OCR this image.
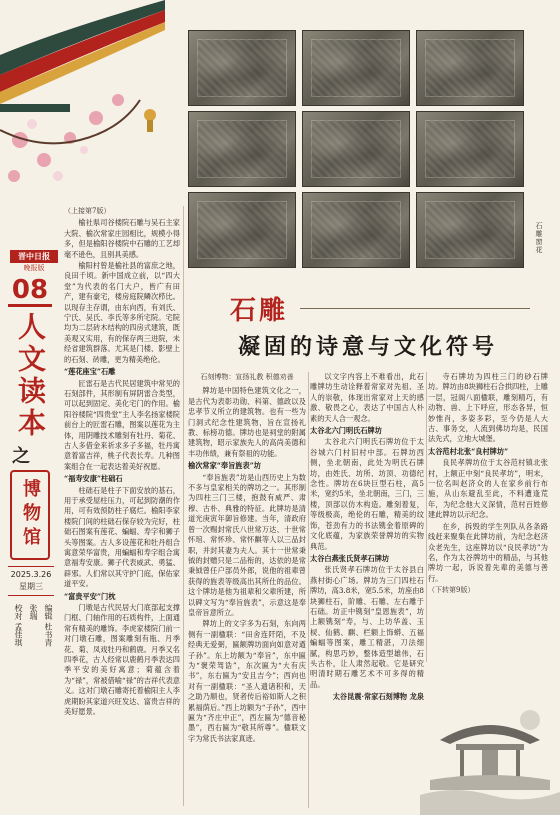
石雕窗花
晋中日报
晚报版
08
人文读本
之
博物馆
2025.3.26
星期三
编辑 杜书青
张瑞
校对 孟佳琪
石雕
凝固的诗意与文化符号

（上接第7版）

榆社県司谷楼院石雕与吴石主家大院、榆次常家庄园相比，规模小得多，但是榆阳谷楼院中石雕的工艺却毫不逊色，且别具美感。

榆阳村曾是榆社县的富庶之地，良田千顷。新中国成立前，以“四大堂”为代表的名门大户，皆广有田产，建有豪宅，楼房庭院鳞次栉比。以现存主存谓，由东向西，有刘氏、宁氏、吴氏、李氏等多所宅院。宅院均为二层砖木结构的四房式建筑，既美观又实用，有的保存两三进院，未经省建筑群落。尤其是门楼、影壁上的石刻、砖雕，更为精美绝伦。

“莲花座宝”石雕

匠雷石是古代民居建筑中常见的石刻部件，其形制有屏阴雷合类型，可以起到固定、美化宅门的作用。榆阳谷楼院“四贵堂”主人李名扬家楼院前台上的匠雷石雕，图案以莲花为主体，用阴雕技术雕刻有牡丹、菊花、古人多借金来祈求多子多福，牡丹寓意着富吉祥，桃子代表长寿。几种图案组合在一起表达着美好祝愿。

“福寿安康”柱础石

柱础石是柱子下面安放的基石，用于承受屋柱压力，可起到防潮的作用，可有效预防柱子腐烂。榆阳李家楼院门间的柱础石保存较为完好，柱础石图案有莲花、蝙蝠、寿字和狮子头等图案。古人多设莲花和牡丹组合寓意荣华富贵，用蝙蝠和寿字组合寓意福寿安康。狮子代表威武、勇猛、辟邪。人们常以其守护门庭，保佑家道平安。

“富贵平安”门枕

门墩是古代民居大门底部起支撑门框、门轴作用的石质构件，上面通常有精美的雕饰。李虎家楼院门前一对门墩石雕，图案雕刻有瓶、月季花、菊、凤戏牡丹和鹤鹿。月季又名四季花，古人经常以鹿鹤月季表达四季平安的美好寓意；菊蕴含着为“禄”，常被借喻“禄”的吉祥代表意义。这对门墩石雕寄托着榆阳主人李虎期盼其家道兴旺发达、富贵吉祥的美好愿景。

石刻博物：宣扬礼教 积德劝善

牌坊是中国特色建筑文化之一，是古代为表彰功勋、科第、德政以及忠孝节义所立的建筑物。也有一些为门洞式纪念性建筑物，旨在宣扬礼教、标榜功德。牌坊也是祠堂的附属建筑物，昭示家族先人的高尚美德和丰功伟绩，兼有祭祖的功能。

榆次常家“奉旨旌表”坊

“奉旨旌表”坊是山西历史上为数不多与皇家相关的牌坊之一。其形制为四柱三门三楼，抱鼓有威严、肃穆、古朴、典雅的特征。此牌坊是清道光庚寅年御旨修建。当年，清政府曾一次赐封常氏八世常万达、十世常怀琯、常怀珍、常怀麒等人以三品封职，并封其妻为夫人。其十一世常秉钺的封赠只是二品衔的，达依的是常秉钺曾任户部员外郎，说他的祖辈曾获得的旌表等级高出其所仕的品位。这个牌坊是他为祖辈和父辈所建，所以碑文写为“奉旨旌表”，示意这是奉皇帝旨意所立。

牌坊上的文字多为石刻，东向两侧有一副楹联：“田舍连阡陌，不及经典无爱弼，匾额牌坊面向如意对遒子孙”。东上坊额为“奉旨”，东中匾为“褒荣驾诰”，东次匾为“大有庆书”，东右匾为“安且吉今”；西向也对有一副楹联：“圣人遗诸积和，天之助乃顺也，贤者传后裕如斯人之积累福荫后。”西上坊额为“子孙”，西中匾为“齐庄中正”，西左匾为“德音秘墨”，西右匾为“敬其所尊”。楹联文字为常氏书法家真迹。

以文字内容上不难看出，此石雕牌坊生动诠释着常家对先祖、圣人的崇敬，体现出常家对上天的感激、敬畏之心，表达了中国古人朴素的天人合一观念。

太谷北六门明氏石牌坊

太谷北六门明氏石牌坊位于太谷城六门村旧村中部。石牌坊西侧，坐北朝南，此处为明氏石牌坊，由姓氏、坊所、坊顶、功德纪念性。牌坊在6块巨型石柱，高5米，宽约5米，坐北朝南，三门，三楼，顶部以仿木构造。雕刻着复，等级极高，绝伦的石雕，精美的纹饰，苍劲有力的书法镌金着原碑的文化底蕴，为家族荣誉牌坊的实物典范。

太谷白燕张氏贤孝石牌坊

张氏贤孝石牌坊位于太谷县白燕村街心广场。牌坊为三门四柱石牌坊，高3.8米，宽5.5米，坊座由8块狮柱石，阶雕、石雕、左右雕于石础。坊正中镌刻“皇恩旌表”，坊上额镌刻“寿，与、上坊华盖、玉棂、仙鹤、麒、栏额上饰蟒、五福蝙蝠等图案，雕工精湛，刀法细腻，构思巧妙，整体造型雄伟，石头古朴，让人肃然起敬。它是研究明清时期石雕艺术不可多得的精品。

太谷昆震·常家石刻博物 龙泉

寺石牌坊为四柱三门的砂石牌坊。牌坊由8块狮柱石合拱四柱，上雕一层，冠阁八面楹联，雕刻精巧，有动物、兽、上下呼应，形态各异，恒妙惟肖，多姿多彩，至今仍是人大古、事务交，人流到佛坊均是，民国法先式，立地大城堡。

太谷范村北张“良村牌坊”

良民孝牌坊位于太谷范村镇北张村，上额正中刻“良民孝坊”，明末，一位名叫赵济众的人在家乡前行布施，从山东避乱至此，不料遭逢荒年，为纪念他大义深情，范村百姓修建此牌坊以示纪念。

在乡，拆毁的学生列队从各条路线赶来聚集在此牌坊前，为纪念赵济众老先生，这座牌坊以“良民孝坊”为名，作为太谷牌坊中的精品，与其他牌坊一起，诉说着先辈的美德与善行。

（下转第9版）
